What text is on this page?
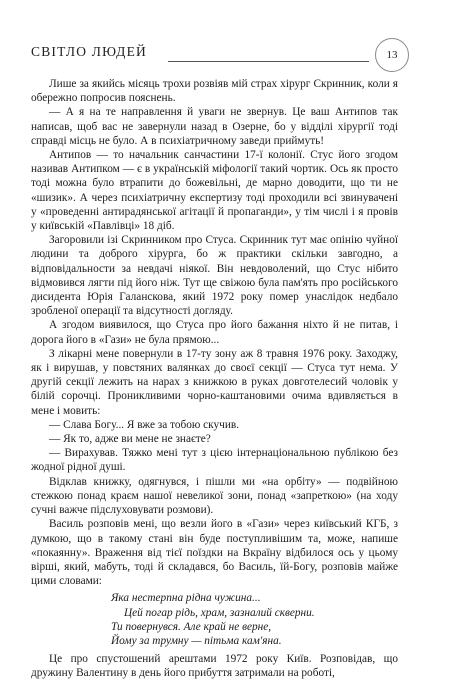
СВІТЛО ЛЮДЕЙ	13

Лише за якийсь місяць трохи розвіяв мій страх хірург Скринник, коли я обережно попросив пояснень.

— А я на те направлення й уваги не звернув. Це ваш Антипов так написав, щоб вас не завернули назад в Озерне, бо у відділі хірургії тоді справді місць не було. А в психіатричному заведи приймуть!

Антипов — то начальник санчастини 17-ї колонії. Стус його згодом називав Антипком — є в українській міфології такий чортик. Ось як просто тоді можна було втрапити до божевільні, де марно доводити, що ти не «шизик». А через психіатричну експертизу тоді проходили всі звинувачені у «проведенні антирадянської агітації й пропаганди», у тім числі і я провів у київській «Павлівці» 18 діб.

Загоровили ізі Скринником про Стуса. Скринник тут має опінію чуйної людини та доброго хірурга, бо ж практики скільки завгодно, а відповідальности за невдачі ніякої. Він невдоволений, що Стус нібито відмовився лягти під його ніж. Тут ще свіжою була пам'ять про російського дисидента Юрія Галанскова, який 1972 року помер унаслідок недбало зробленої операції та відсутності догляду.

А згодом виявилося, що Стуса про його бажання ніхто й не питав, і дорога його в «Гази» не була прямою...

З лікарні мене повернули в 17-ту зону аж 8 травня 1976 року. Заходжу, як і вирушав, у повстяних валянках до своєї секції — Стуса тут нема. У другій секції лежить на нарах з книжкою в руках довготелесий чоловік у білій сорочці. Проникливими чорно-каштановими очима вдивляється в мене і мовить:

— Слава Богу... Я вже за тобою скучив.

— Як то, адже ви мене не знаєте?

— Вирахував. Тяжко мені тут з цією інтернаціональною публікою без жодної рідної душі.

Відклав книжку, одягнувся, і пішли ми «на орбіту» — подвійною стежкою понад краєм нашої невеликої зони, понад «запреткою» (на ходу сучні важче підслуховувати розмови).

Василь розповів мені, що везли його в «Гази» через київський КГБ, з думкою, що в такому стані він буде поступливішим та, може, напише «покаянну». Враження від тієї поїздки на Вкраїну відбилося ось у цьому вірші, який, мабуть, тоді й складався, бо Василь, їй-Богу, розповів майже цими словами:

Яка нестерпна рідна чужина...
Цей погар рідь, храм, зазналий скверни.
Ти повернувся. Але край не верне,
Йому за трумну — пітьма кам'яна.

Це про спустошений арештами 1972 року Київ. Розповідав, що дружину Валентину в день його прибуття затримали на роботі,
